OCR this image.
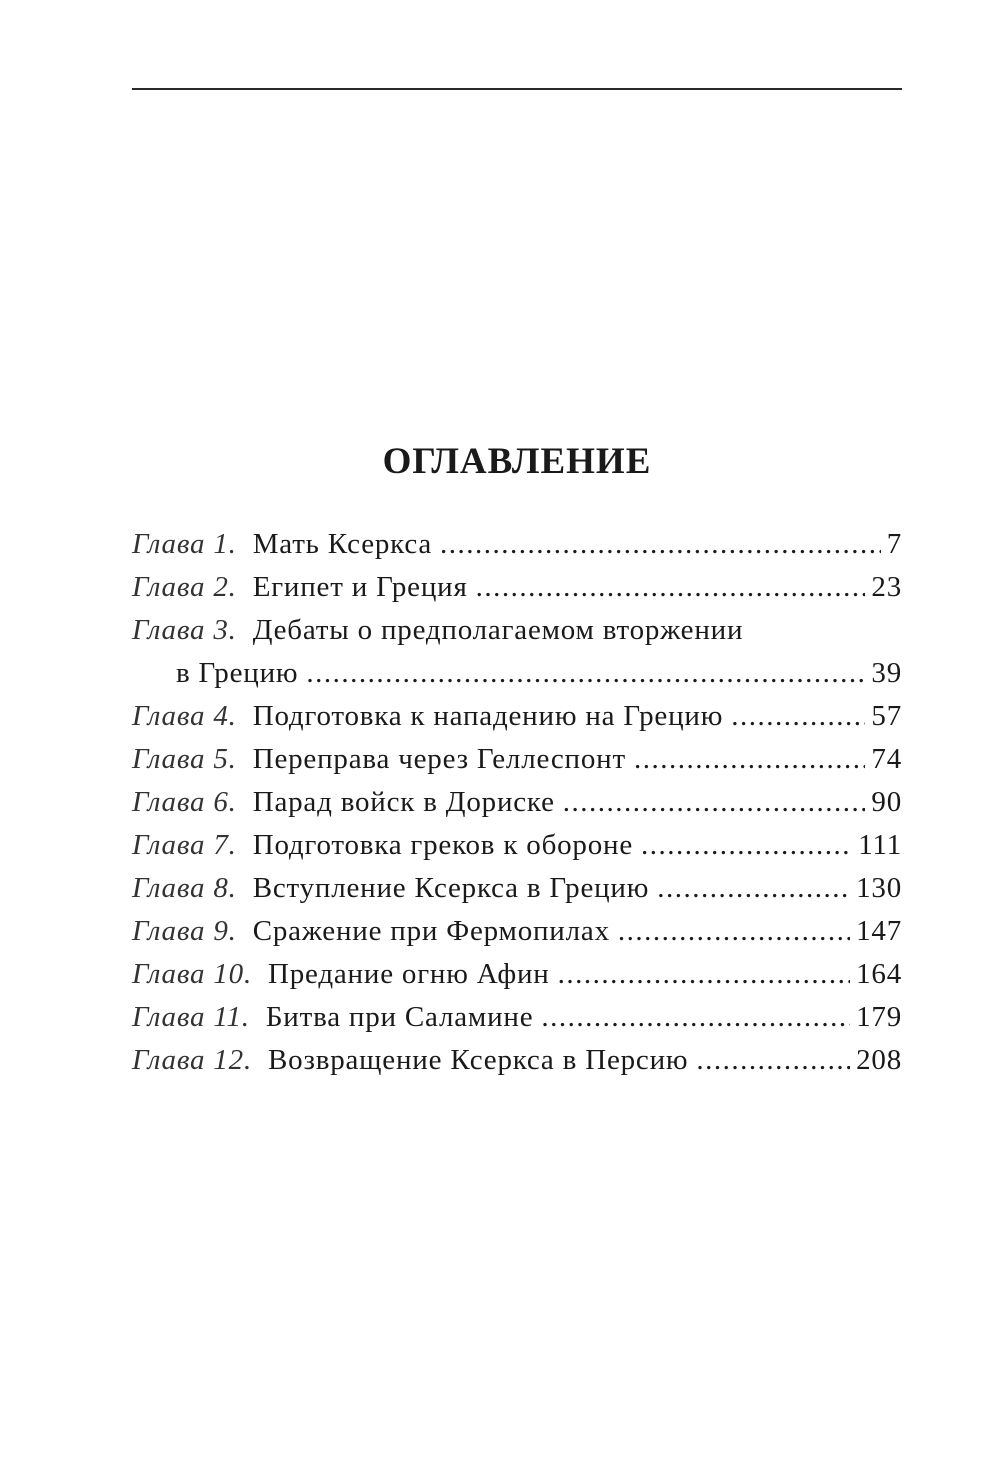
ОГЛАВЛЕНИЕ
Глава 1. Мать Ксеркса .....	7
Глава 2. Египет и Греция .....	23
Глава 3. Дебаты о предполагаемом вторжении
в Грецию .....	39
Глава 4. Подготовка к нападению на Грецию .....	57
Глава 5. Переправа через Геллеспонт .....	74
Глава 6. Парад войск в Дориске .....	90
Глава 7. Подготовка греков к обороне .....	111
Глава 8. Вступление Ксеркса в Грецию .....	130
Глава 9. Сражение при Фермопилах .....	147
Глава 10. Предание огню Афин .....	164
Глава 11. Битва при Саламине .....	179
Глава 12. Возвращение Ксеркса в Персию .....	208
